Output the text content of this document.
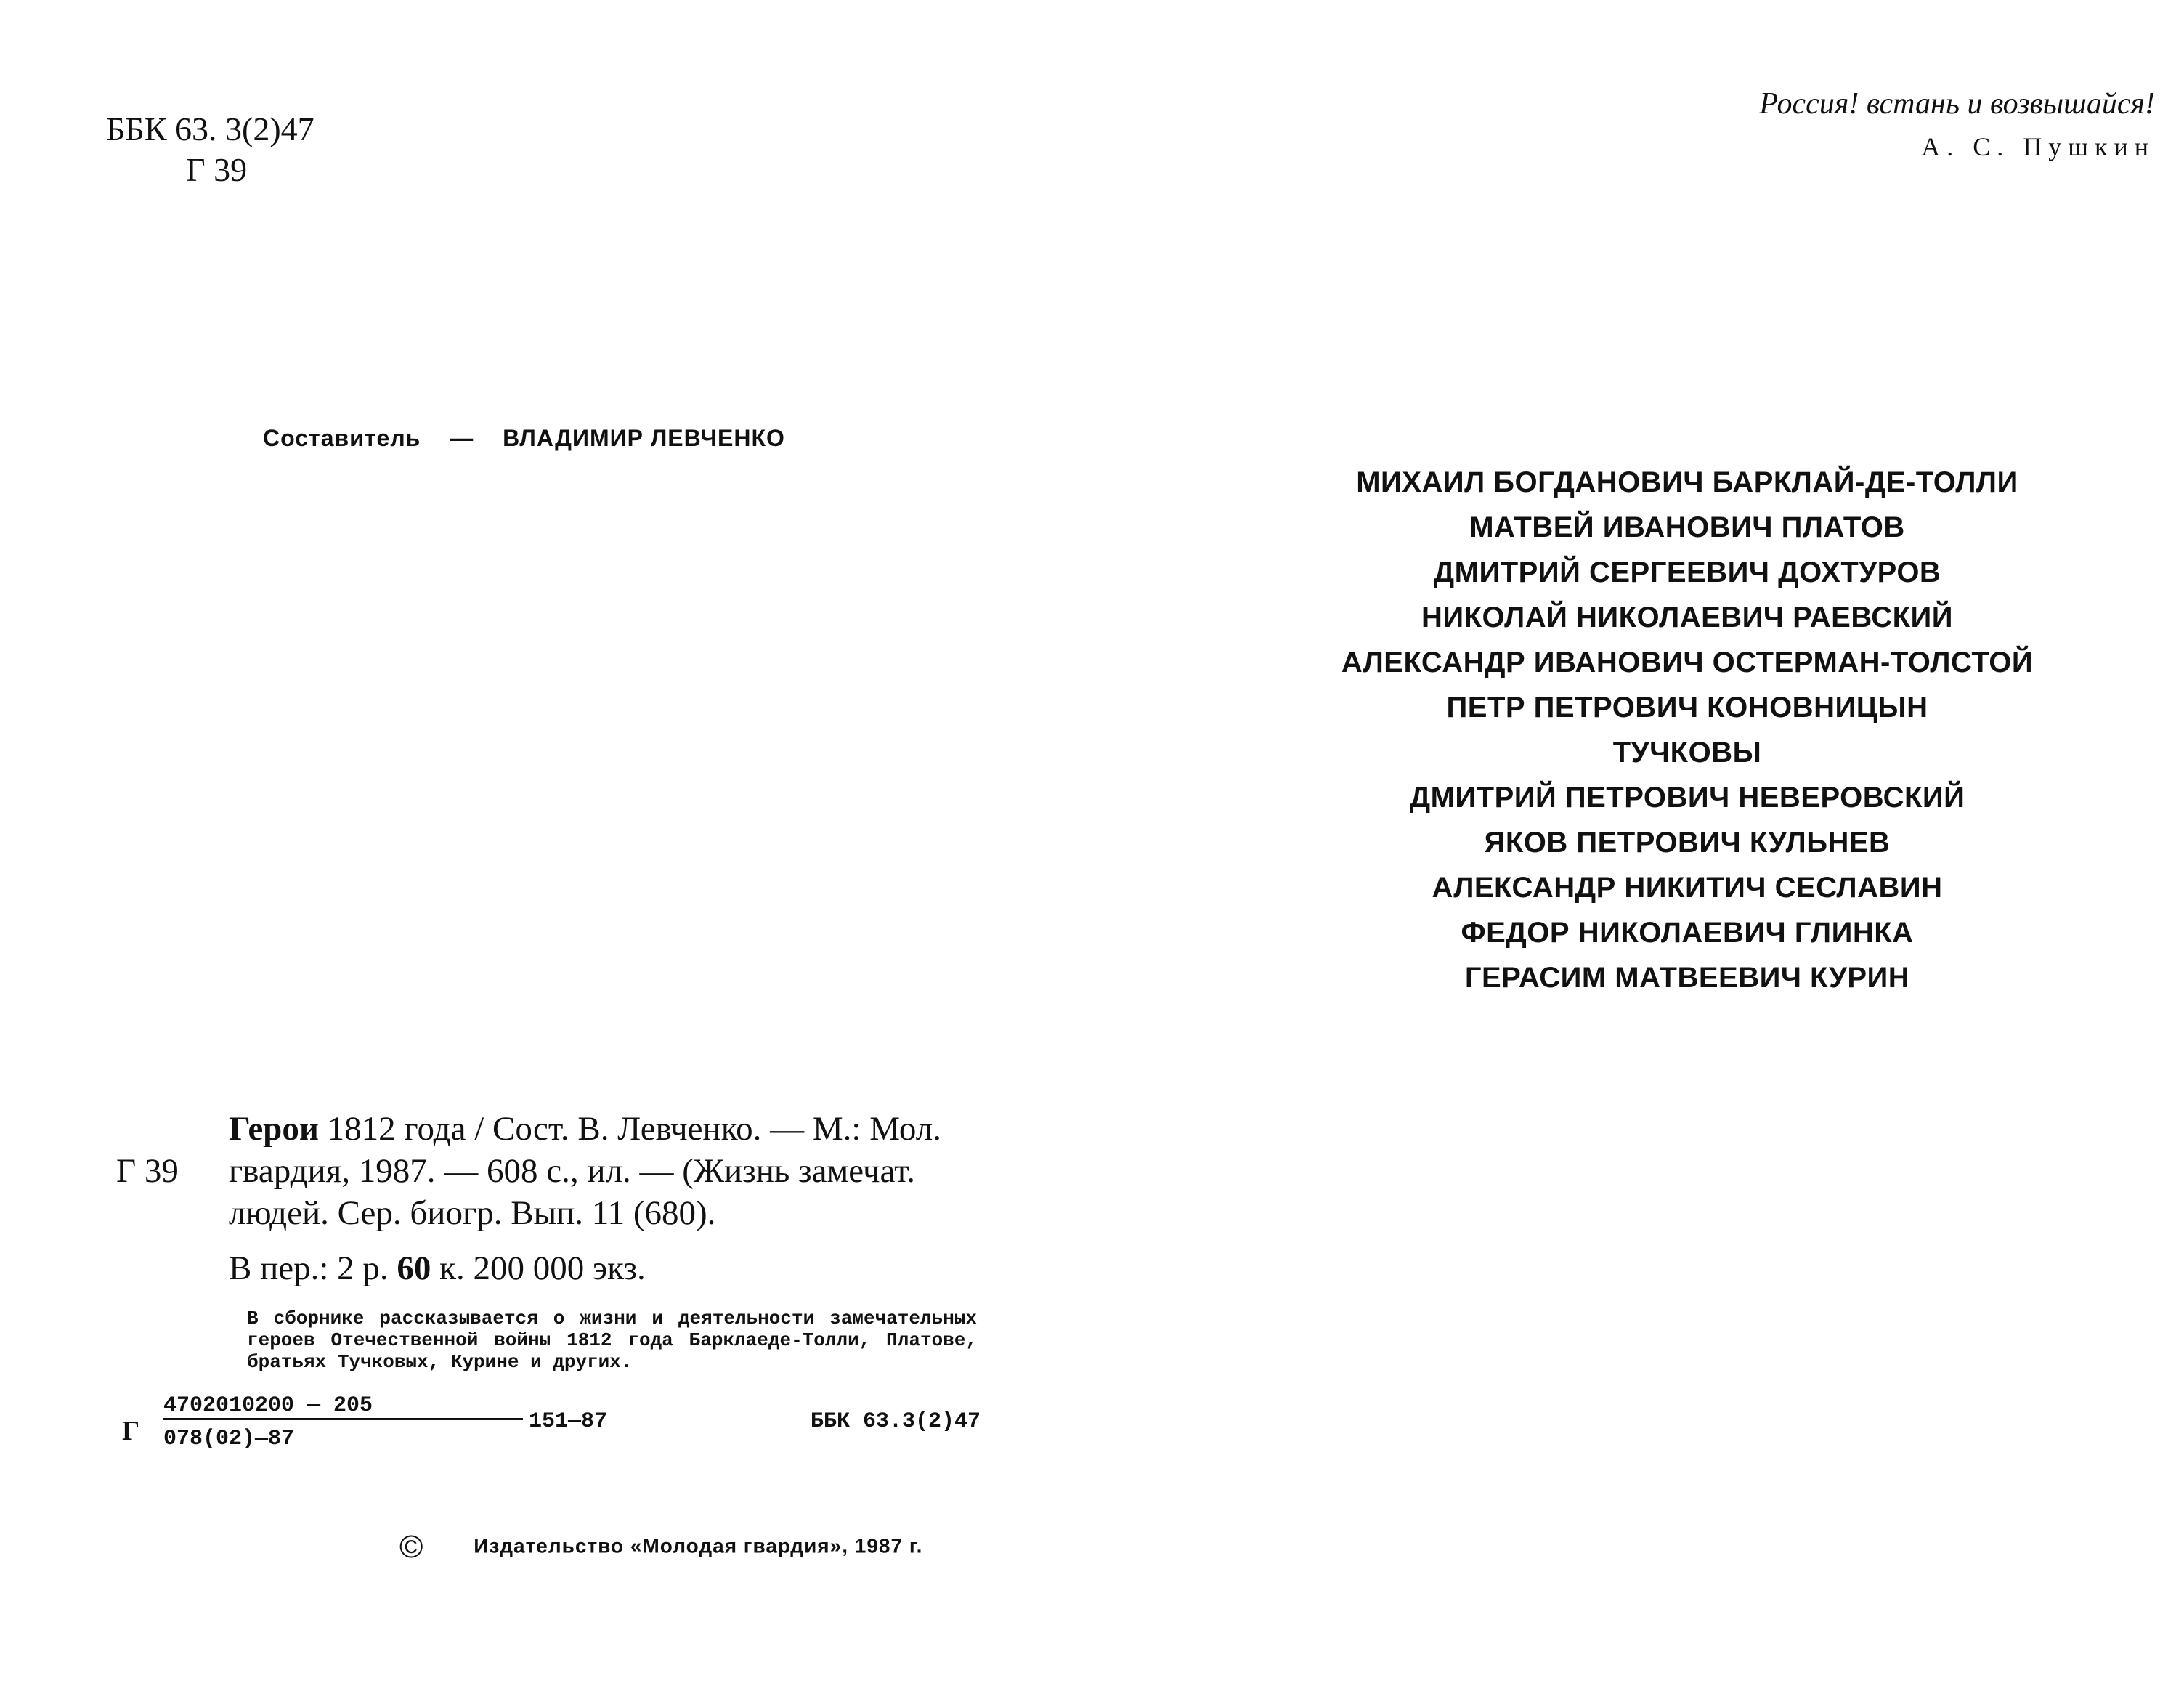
ББК 63. 3(2)47
Г 39
Составитель — ВЛАДИМИР ЛЕВЧЕНКО
Герои 1812 года / Сост. В. Левченко. — М.: Мол.
Г 39 гвардия, 1987. — 608 с., ил. — (Жизнь замечат.
людей. Сер. биогр. Вып. 11 (680).
В пер.: 2 р. 60 к. 200 000 экз.
В сборнике рассказывается о жизни и деятельности замечательных героев Отечественной войны 1812 года Барклаеде-Толли, Платове, братьях Тучковых, Курине и других.
Г
4702010200 — 205
078(02)—87
151—87	ББК 63.3(2)47
© Издательство «Молодая гвардия», 1987 г.
Россия! встань и возвышайся!
А. С. Пушкин
МИХАИЛ БОГДАНОВИЧ БАРКЛАЙ-ДЕ-ТОЛЛИ
МАТВЕЙ ИВАНОВИЧ ПЛАТОВ
ДМИТРИЙ СЕРГЕЕВИЧ ДОХТУРОВ
НИКОЛАЙ НИКОЛАЕВИЧ РАЕВСКИЙ
АЛЕКСАНДР ИВАНОВИЧ ОСТЕРМАН-ТОЛСТОЙ
ПЕТР ПЕТРОВИЧ КОНОВНИЦЫН
ТУЧКОВЫ
ДМИТРИЙ ПЕТРОВИЧ НЕВЕРОВСКИЙ
ЯКОВ ПЕТРОВИЧ КУЛЬНЕВ
АЛЕКСАНДР НИКИТИЧ СЕСЛАВИН
ФЕДОР НИКОЛАЕВИЧ ГЛИНКА
ГЕРАСИМ МАТВЕЕВИЧ КУРИН
